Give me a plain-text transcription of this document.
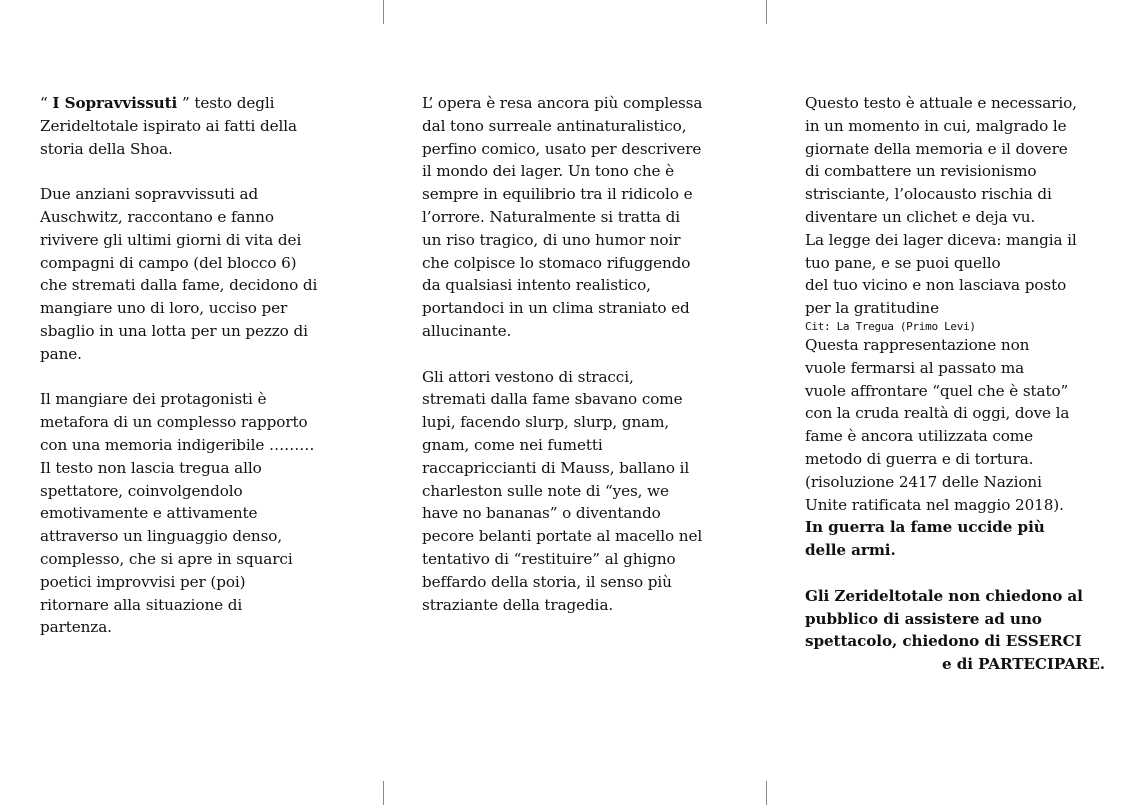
“ I Sopravvissuti ” testo degli

Zerideltotale ispirato ai fatti della

storia della Shoa.

Due anziani sopravvissuti ad

Auschwitz, raccontano e fanno

rivivere gli ultimi giorni di vita dei

compagni di campo (del blocco 6)

che stremati dalla fame, decidono di

mangiare uno di loro, ucciso per

sbaglio in una lotta per un pezzo di

pane.

Il mangiare dei protagonisti è

metafora di un complesso rapporto

con una memoria indigeribile ………

Il testo non lascia tregua allo

spettatore, coinvolgendolo

emotivamente e attivamente

attraverso un linguaggio denso,

complesso, che si apre in squarci

poetici improvvisi per (poi)

ritornare alla situazione di

partenza.

L’ opera è resa ancora più complessa

dal tono surreale antinaturalistico,

perfino comico, usato per descrivere

il mondo dei lager. Un tono che è

sempre in equilibrio tra il ridicolo e

l’orrore. Naturalmente si tratta di

un riso tragico, di uno humor noir

che colpisce lo stomaco rifuggendo

da qualsiasi intento realistico,

portandoci in un clima straniato ed

allucinante.

Gli attori vestono di stracci,

stremati dalla fame sbavano come

lupi, facendo slurp, slurp, gnam,

gnam, come nei fumetti

raccapriccianti di Mauss, ballano il

charleston sulle note di “yes, we

have no bananas” o diventando

pecore belanti portate al macello nel

tentativo di “restituire” al ghigno

beffardo della storia, il senso più

straziante della tragedia.

Questo testo è attuale e necessario,

in un momento in cui, malgrado le

giornate della memoria e il dovere

di combattere un revisionismo

strisciante, l’olocausto rischia di

diventare un clichet e deja vu.

La legge dei lager diceva: mangia il

tuo pane, e se puoi quello

del tuo vicino e non lasciava posto

per la gratitudine

Cit: La Tregua (Primo Levi)

Questa rappresentazione non

vuole fermarsi al passato ma

vuole affrontare “quel che è stato”

con la cruda realtà di oggi, dove la

fame è ancora utilizzata come

metodo di guerra e di tortura.

(risoluzione 2417 delle Nazioni

Unite ratificata nel maggio 2018).

In guerra la fame uccide più

delle armi.

Gli Zerideltotale non chiedono al

pubblico di assistere ad uno

spettacolo, chiedono di ESSERCI

e di PARTECIPARE.
